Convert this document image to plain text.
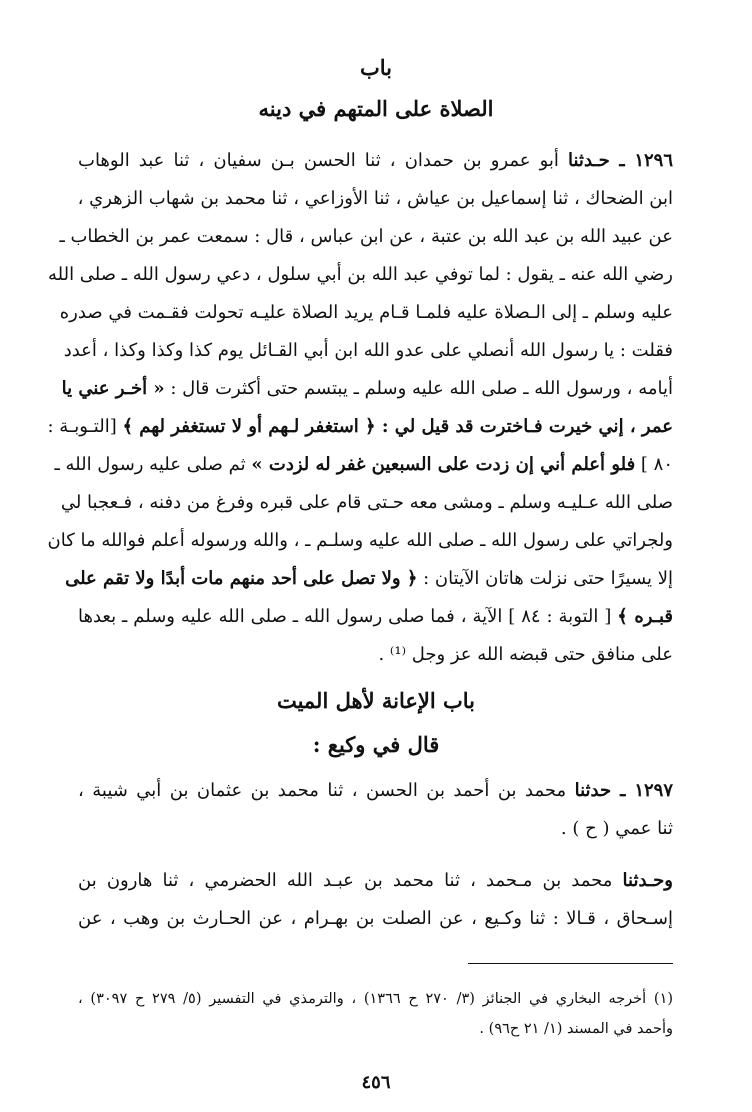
باب
الصلاة على المتهم في دينه
١٢٩٦ ـ حـدثنا أبو عمرو بن حمدان ، ثنا الحسن بـن سفيان ، ثنا عبد الوهاب
ابن الضحاك ، ثنا إسماعيل بن عياش ، ثنا الأوزاعي ، ثنا محمد بن شهاب الزهري ،
عن عبيد الله بن عبد الله بن عتبة ، عن ابن عباس ، قال : سمعت عمر بن الخطاب ـ
رضي الله عنه ـ يقول : لما توفي عبد الله بن أبي سلول ، دعي رسول الله ـ صلى الله
عليه وسلم ـ إلى الـصلاة عليه فلمـا قـام يريد الصلاة عليـه تحولت فقـمت في صدره
فقلت : يا رسول الله أنصلي على عدو الله ابن أبي القـائل يوم كذا وكذا وكذا ، أعدد
أيامه ، ورسول الله ـ صلى الله عليه وسلم ـ يبتسم حتى أكثرت قال : « أخـر عني يا
عمر ، إني خيرت فـاخترت قد قيل لي : ﴿ استغفر لـهم أو لا تستغفر لهم ﴾ [التـوبـة :
٨٠ ] فلو أعلم أني إن زدت على السبعين غفر له لزدت » ثم صلى عليه رسول الله ـ
صلى الله عـليـه وسلم ـ ومشى معه حـتى قام على قبره وفرغ من دفنه ، فـعجبا لي
ولجراتي على رسول الله ـ صلى الله عليه وسلـم ـ ، والله ورسوله أعلم فوالله ما كان
إلا يسيرًا حتى نزلت هاتان الآيتان : ﴿ ولا تصل على أحد منهم مات أبدًا ولا تقم على
قبـره ﴾ [ التوبة : ٨٤ ] الآية ، فما صلى رسول الله ـ صلى الله عليه وسلم ـ بعدها
على منافق حتى قبضه الله عز وجل ⁽¹⁾ .
باب الإعانة لأهل الميت
قال في وكيع :
١٢٩٧ ـ حدثنا محمد بن أحمد بن الحسن ، ثنا محمد بن عثمان بن أبي شيبة ،
ثنا عمي ( ح ) .
وحـدثنا محمد بن مـحمد ، ثنا محمد بن عبـد الله الحضرمي ، ثنا هارون بن
إسـحاق ، قـالا : ثنا وكـيع ، عن الصلت بن بهـرام ، عن الحـارث بن وهب ، عن
(١) أخرجه البخاري في الجنائز (٣/ ٢٧٠ ح ١٣٦٦) ، والترمذي في التفسير (٥/ ٢٧٩ ح ٣٠٩٧) ،
وأحمد في المسند (١/ ٢١ ح٩٦) .
٤٥٦
